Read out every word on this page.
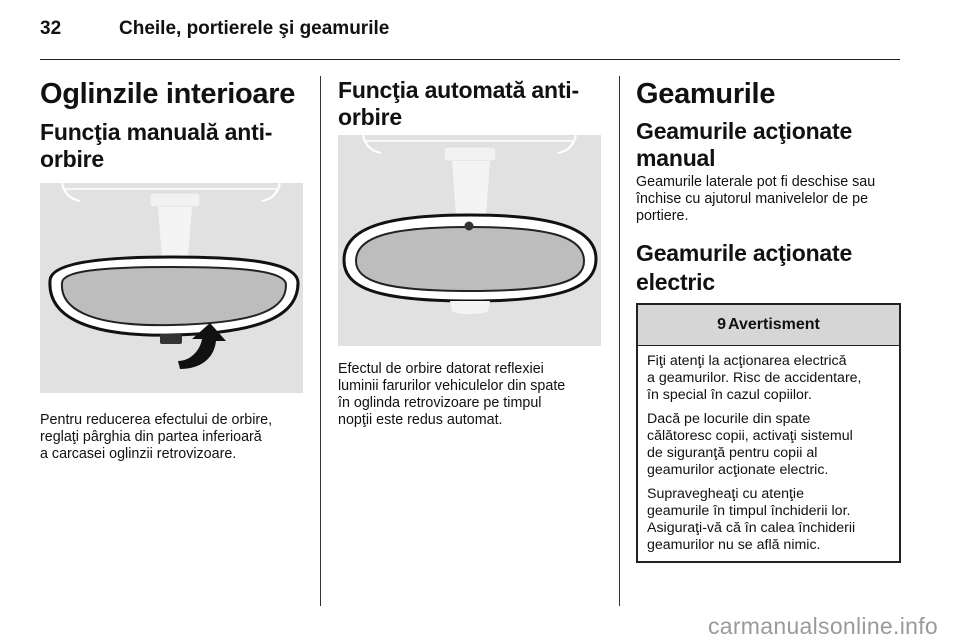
32	Cheile, portierele şi geamurile
Oglinzile interioare
Funcţia manuală anti-
orbire

Pentru reducerea efectului de orbire,
reglaţi pârghia din partea inferioară
a carcasei oglinzii retrovizoare.

Funcţia automată anti-
orbire

Efectul de orbire datorat reflexiei
luminii farurilor vehiculelor din spate
în oglinda retrovizoare pe timpul
nopţii este redus automat.

Geamurile
Geamurile acţionate
manual

Geamurile laterale pot fi deschise sau
închise cu ajutorul manivelelor de pe
portiere.

Geamurile acţionate
electric
9 Avertisment

Fiţi atenţi la acţionarea electrică
a geamurilor. Risc de accidentare,
în special în cazul copiilor.

Dacă pe locurile din spate
călătoresc copii, activaţi sistemul
de siguranţă pentru copii al
geamurilor acţionate electric.

Supravegheaţi cu atenţie
geamurile în timpul închiderii lor.
Asiguraţi-vă că în calea închiderii
geamurilor nu se află nimic.

carmanualsonline.info
